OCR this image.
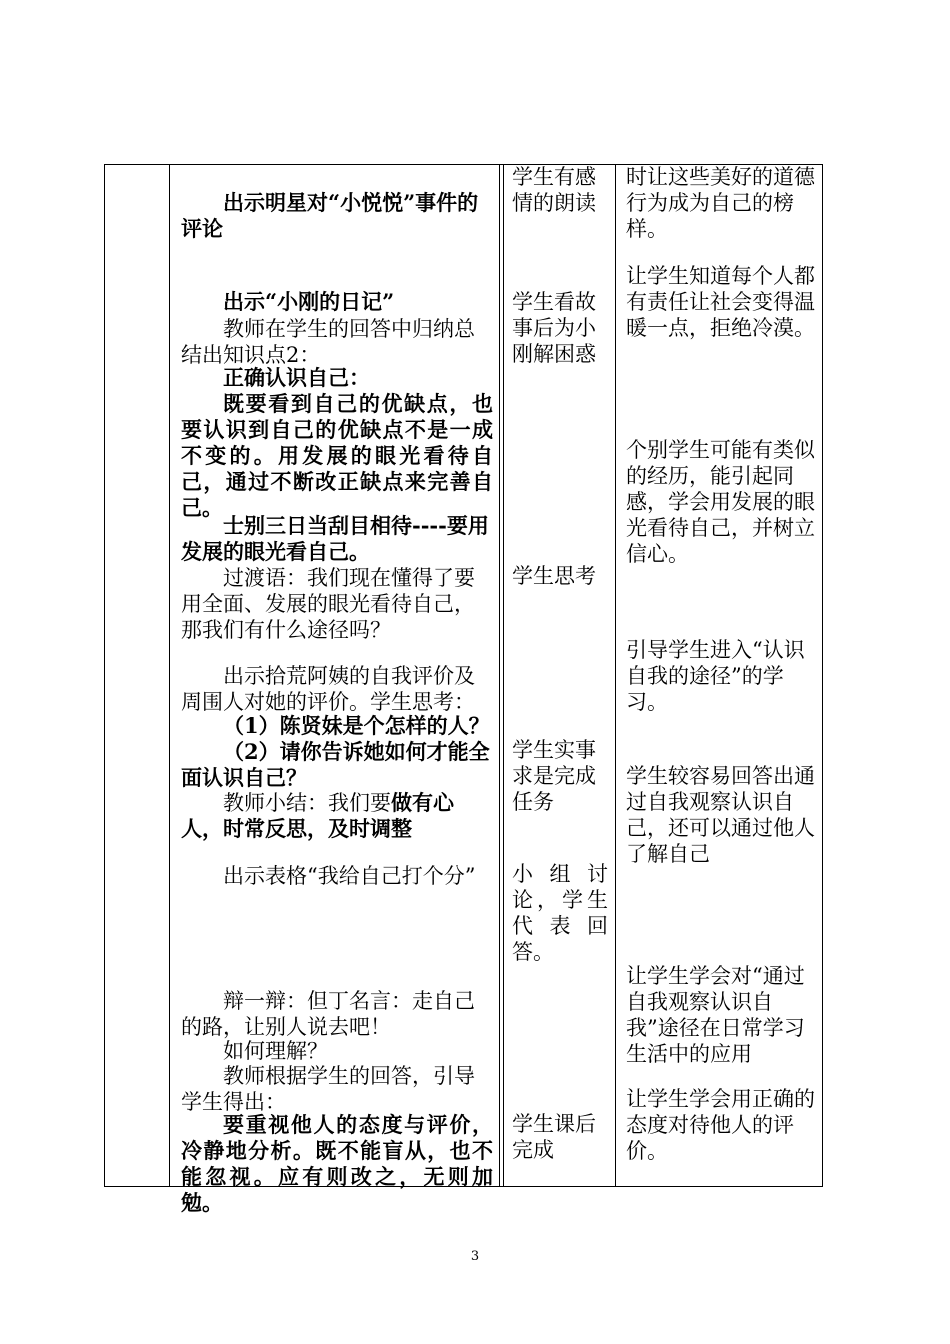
出示明星对“小悦悦”事件的评论

出示“小刚的日记”

教师在学生的回答中归纳总结出知识点2：

正确认识自己：

既要看到自己的优缺点，也要认识到自己的优缺点不是一成不变的。用发展的眼光看待自己，通过不断改正缺点来完善自己。

士别三日当刮目相待----要用发展的眼光看自己。

过渡语：我们现在懂得了要用全面、发展的眼光看待自己，那我们有什么途径吗？

出示拾荒阿姨的自我评价及周围人对她的评价。学生思考：

（1）陈贤妹是个怎样的人？

（2）请你告诉她如何才能全面认识自己？

教师小结：我们要做有心人，时常反思，及时调整

出示表格“我给自己打个分”

辩一辩：但丁名言：走自己的路，让别人说去吧！

如何理解？

教师根据学生的回答，引导学生得出：

要重视他人的态度与评价，冷静地分析。既不能盲从，也不能忽视。应有则改之，无则加勉。

学生有感情的朗读

学生看故事后为小刚解困惑

学生思考

学生实事求是完成任务

小组讨论，学生代表回答。

学生课后完成

时让这些美好的道德行为成为自己的榜样。

让学生知道每个人都有责任让社会变得温暖一点，拒绝冷漠。

个别学生可能有类似的经历，能引起同感，学会用发展的眼光看待自己，并树立信心。

引导学生进入“认识自我的途径”的学习。

学生较容易回答出通过自我观察认识自己，还可以通过他人了解自己

让学生学会对“通过自我观察认识自我”途径在日常学习生活中的应用

让学生学会用正确的态度对待他人的评价。

3
